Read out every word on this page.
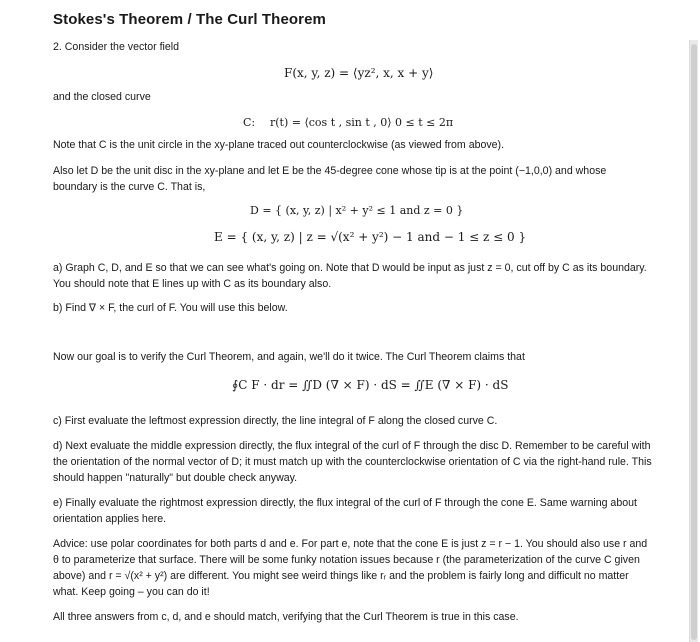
Stokes's Theorem / The Curl Theorem
2. Consider the vector field
F(x, y, z) = ⟨yz², x, x + y⟩
and the closed curve
C: r(t) = ⟨cos t , sin t , 0⟩ 0 ≤ t ≤ 2π
Note that C is the unit circle in the xy-plane traced out counterclockwise (as viewed from above).
Also let D be the unit disc in the xy-plane and let E be the 45-degree cone whose tip is at the point (−1,0,0) and whose boundary is the curve C. That is,
D = { (x, y, z) | x² + y² ≤ 1 and z = 0 }
E = { (x, y, z) | z = √(x² + y²) − 1 and − 1 ≤ z ≤ 0 }
a) Graph C, D, and E so that we can see what's going on. Note that D would be input as just z = 0, cut off by C as its boundary. You should note that E lines up with C as its boundary also.
b) Find ∇ × F, the curl of F. You will use this below.
Now our goal is to verify the Curl Theorem, and again, we'll do it twice. The Curl Theorem claims that
∮C F · dr = ∬D (∇ × F) · dS = ∬E (∇ × F) · dS
c) First evaluate the leftmost expression directly, the line integral of F along the closed curve C.
d) Next evaluate the middle expression directly, the flux integral of the curl of F through the disc D. Remember to be careful with the orientation of the normal vector of D; it must match up with the counterclockwise orientation of C via the right-hand rule. This should happen "naturally" but double check anyway.
e) Finally evaluate the rightmost expression directly, the flux integral of the curl of F through the cone E. Same warning about orientation applies here.
Advice: use polar coordinates for both parts d and e. For part e, note that the cone E is just z = r − 1. You should also use r and θ to parameterize that surface. There will be some funky notation issues because r (the parameterization of the curve C given above) and r = √(x² + y²) are different. You might see weird things like rᵣ and the problem is fairly long and difficult no matter what. Keep going – you can do it!
All three answers from c, d, and e should match, verifying that the Curl Theorem is true in this case.
